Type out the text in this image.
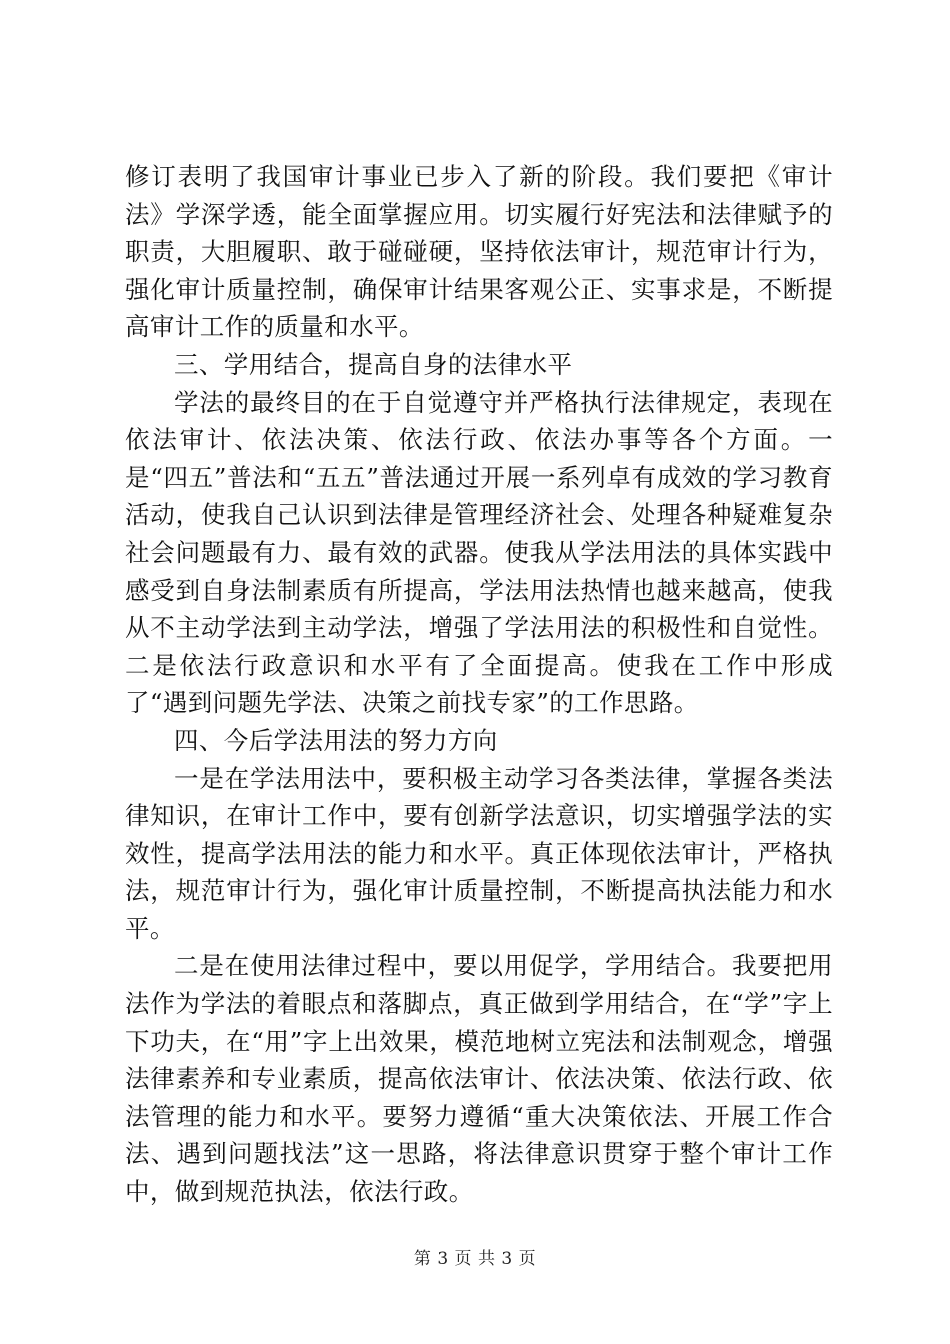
修订表明了我国审计事业已步入了新的阶段。我们要把《审计法》学深学透，能全面掌握应用。切实履行好宪法和法律赋予的职责，大胆履职、敢于碰碰硬，坚持依法审计，规范审计行为，强化审计质量控制，确保审计结果客观公正、实事求是，不断提高审计工作的质量和水平。

三、学用结合，提高自身的法律水平

学法的最终目的在于自觉遵守并严格执行法律规定，表现在依法审计、依法决策、依法行政、依法办事等各个方面。一是“四五”普法和“五五”普法通过开展一系列卓有成效的学习教育活动，使我自己认识到法律是管理经济社会、处理各种疑难复杂社会问题最有力、最有效的武器。使我从学法用法的具体实践中感受到自身法制素质有所提高，学法用法热情也越来越高，使我从不主动学法到主动学法，增强了学法用法的积极性和自觉性。二是依法行政意识和水平有了全面提高。使我在工作中形成了“遇到问题先学法、决策之前找专家”的工作思路。

四、今后学法用法的努力方向

一是在学法用法中，要积极主动学习各类法律，掌握各类法律知识，在审计工作中，要有创新学法意识，切实增强学法的实效性，提高学法用法的能力和水平。真正体现依法审计，严格执法，规范审计行为，强化审计质量控制，不断提高执法能力和水平。

二是在使用法律过程中，要以用促学，学用结合。我要把用法作为学法的着眼点和落脚点，真正做到学用结合，在“学”字上下功夫，在“用”字上出效果，模范地树立宪法和法制观念，增强法律素养和专业素质，提高依法审计、依法决策、依法行政、依法管理的能力和水平。要努力遵循“重大决策依法、开展工作合法、遇到问题找法”这一思路，将法律意识贯穿于整个审计工作中，做到规范执法，依法行政。

第 3 页 共 3 页
